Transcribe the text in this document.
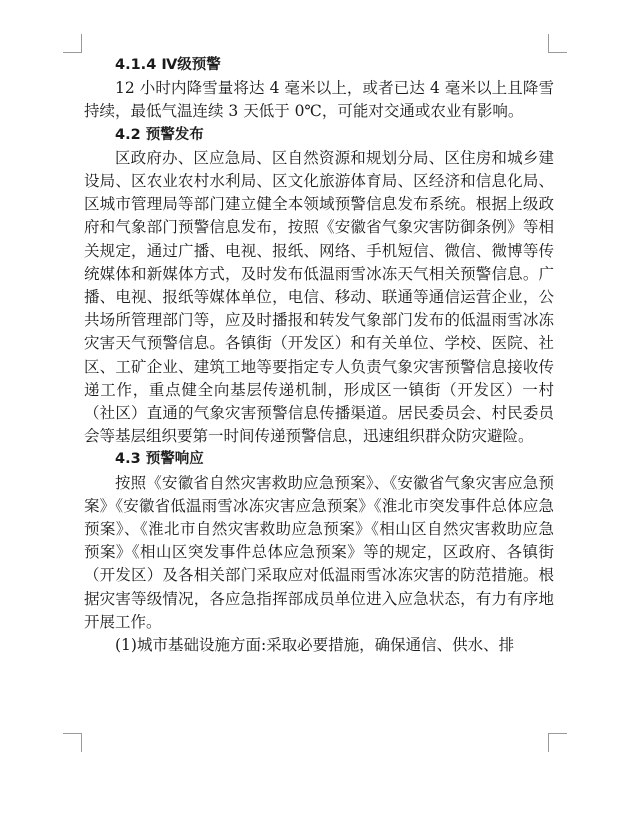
4.1.4 Ⅳ级预警

12 小时内降雪量将达 4 毫米以上，或者已达 4 毫米以上且降雪持续，最低气温连续 3 天低于 0℃，可能对交通或农业有影响。

4.2 预警发布

区政府办、区应急局、区自然资源和规划分局、区住房和城乡建设局、区农业农村水利局、区文化旅游体育局、区经济和信息化局、区城市管理局等部门建立健全本领域预警信息发布系统。根据上级政府和气象部门预警信息发布，按照《安徽省气象灾害防御条例》等相关规定，通过广播、电视、报纸、网络、手机短信、微信、微博等传统媒体和新媒体方式，及时发布低温雨雪冰冻天气相关预警信息。广播、电视、报纸等媒体单位，电信、移动、联通等通信运营企业，公共场所管理部门等，应及时播报和转发气象部门发布的低温雨雪冰冻灾害天气预警信息。各镇街（开发区）和有关单位、学校、医院、社区、工矿企业、建筑工地等要指定专人负责气象灾害预警信息接收传递工作，重点健全向基层传递机制，形成区一镇街（开发区）一村（社区）直通的气象灾害预警信息传播渠道。居民委员会、村民委员会等基层组织要第一时间传递预警信息，迅速组织群众防灾避险。

4.3 预警响应

按照《安徽省自然灾害救助应急预案》、《安徽省气象灾害应急预案》《安徽省低温雨雪冰冻灾害应急预案》《淮北市突发事件总体应急预案》、《淮北市自然灾害救助应急预案》《相山区自然灾害救助应急预案》《相山区突发事件总体应急预案》等的规定，区政府、各镇街（开发区）及各相关部门采取应对低温雨雪冰冻灾害的防范措施。根据灾害等级情况，各应急指挥部成员单位进入应急状态，有力有序地开展工作。

(1)城市基础设施方面:采取必要措施，确保通信、供水、排
